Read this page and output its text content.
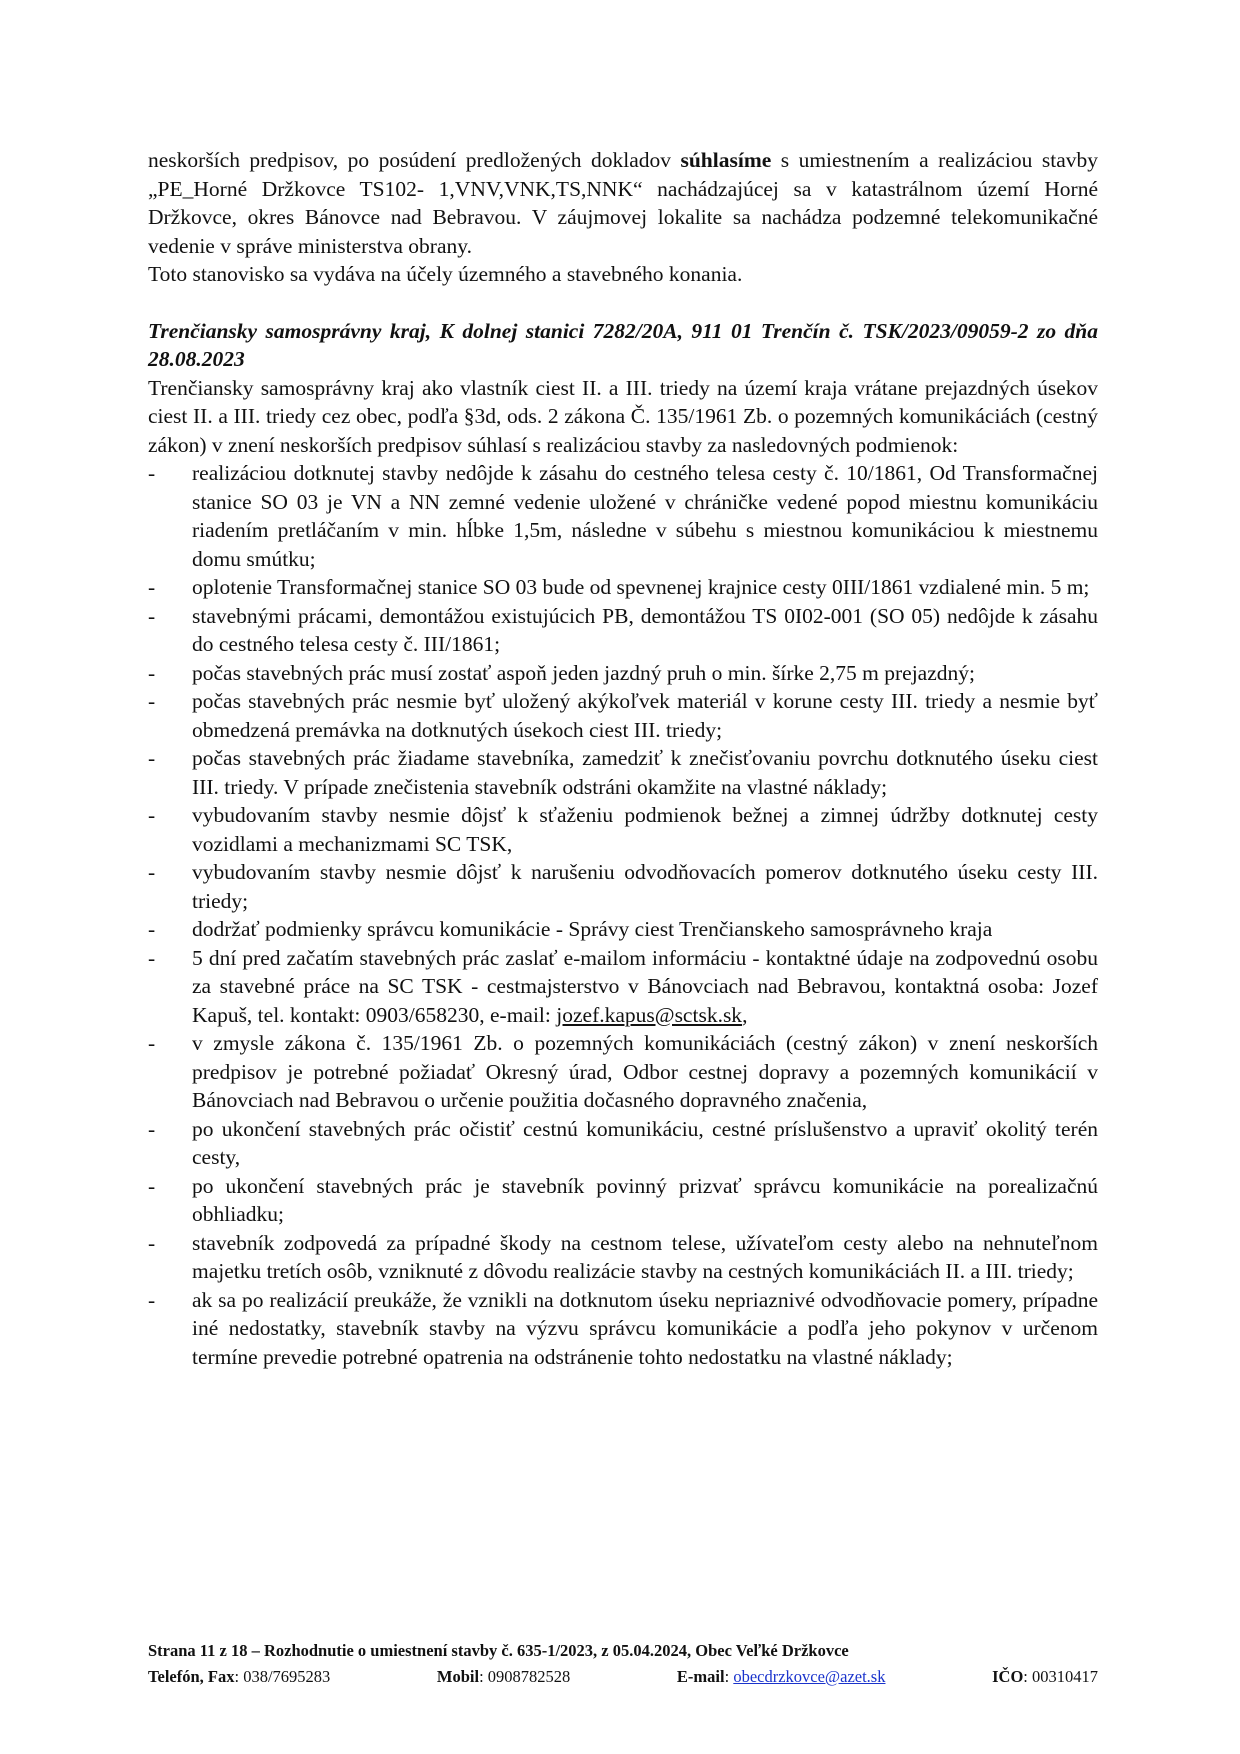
neskorších predpisov, po posúdení predložených dokladov súhlasíme s umiestnením a realizáciou stavby „PE_Horné Držkovce TS102- 1,VNV,VNK,TS,NNK“ nachádzajúcej sa v katastrálnom území Horné Držkovce, okres Bánovce nad Bebravou. V záujmovej lokalite sa nachádza podzemné telekomunikačné vedenie v správe ministerstva obrany.

Toto stanovisko sa vydáva na účely územného a stavebného konania.

Trenčiansky samosprávny kraj, K dolnej stanici 7282/20A, 911 01 Trenčín č. TSK/2023/09059-2 zo dňa 28.08.2023

Trenčiansky samosprávny kraj ako vlastník ciest II. a III. triedy na území kraja vrátane prejazdných úsekov ciest II. a III. triedy cez obec, podľa §3d, ods. 2 zákona Č. 135/1961 Zb. o pozemných komunikáciách (cestný zákon) v znení neskorších predpisov súhlasí s realizáciou stavby za nasledovných podmienok:

- realizáciou dotknutej stavby nedôjde k zásahu do cestného telesa cesty č. 10/1861, Od Transformačnej stanice SO 03 je VN a NN zemné vedenie uložené v chráničke vedené popod miestnu komunikáciu riadením pretláčaním v min. hĺbke 1,5m, následne v súbehu s miestnou komunikáciou k miestnemu domu smútku;
- oplotenie Transformačnej stanice SO 03 bude od spevnenej krajnice cesty 0III/1861 vzdialené min. 5 m;
- stavebnými prácami, demontážou existujúcich PB, demontážou TS 0I02-001 (SO 05) nedôjde k zásahu do cestného telesa cesty č. III/1861;
- počas stavebných prác musí zostať aspoň jeden jazdný pruh o min. šírke 2,75 m prejazdný;
- počas stavebných prác nesmie byť uložený akýkoľvek materiál v korune cesty III. triedy a nesmie byť obmedzená premávka na dotknutých úsekoch ciest III. triedy;
- počas stavebných prác žiadame stavebníka, zamedziť k znečisťovaniu povrchu dotknutého úseku ciest III. triedy. V prípade znečistenia stavebník odstráni okamžite na vlastné náklady;
- vybudovaním stavby nesmie dôjsť k sťaženiu podmienok bežnej a zimnej údržby dotknutej cesty vozidlami a mechanizmami SC TSK,
- vybudovaním stavby nesmie dôjsť k narušeniu odvodňovacích pomerov dotknutého úseku cesty III. triedy;
- dodržať podmienky správcu komunikácie - Správy ciest Trenčianskeho samosprávneho kraja
- 5 dní pred začatím stavebných prác zaslať e-mailom informáciu - kontaktné údaje na zodpovednú osobu za stavebné práce na SC TSK - cestmajsterstvo v Bánovciach nad Bebravou, kontaktná osoba: Jozef Kapuš, tel. kontakt: 0903/658230, e-mail: jozef.kapus@sctsk.sk,
- v zmysle zákona č. 135/1961 Zb. o pozemných komunikáciách (cestný zákon) v znení neskorších predpisov je potrebné požiadať Okresný úrad, Odbor cestnej dopravy a pozemných komunikácií v Bánovciach nad Bebravou o určenie použitia dočasného dopravného značenia,
- po ukončení stavebných prác očistiť cestnú komunikáciu, cestné príslušenstvo a upraviť okolitý terén cesty,
- po ukončení stavebných prác je stavebník povinný prizvať správcu komunikácie na porealizačnú obhliadku;
- stavebník zodpovedá za prípadné škody na cestnom telese, užívateľom cesty alebo na nehnuteľnom majetku tretích osôb, vzniknuté z dôvodu realizácie stavby na cestných komunikáciách II. a III. triedy;
- ak sa po realizácií preukáže, že vznikli na dotknutom úseku nepriaznivé odvodňovacie pomery, prípadne iné nedostatky, stavebník stavby na výzvu správcu komunikácie a podľa jeho pokynov v určenom termíne prevedie potrebné opatrenia na odstránenie tohto nedostatku na vlastné náklady;
Strana 11 z 18 – Rozhodnutie o umiestnení stavby č. 635-1/2023, z 05.04.2024, Obec Veľké Držkovce
Telefón, Fax: 038/7695283	Mobil: 0908782528	E-mail: obecdrzkovce@azet.sk	IČO: 00310417
